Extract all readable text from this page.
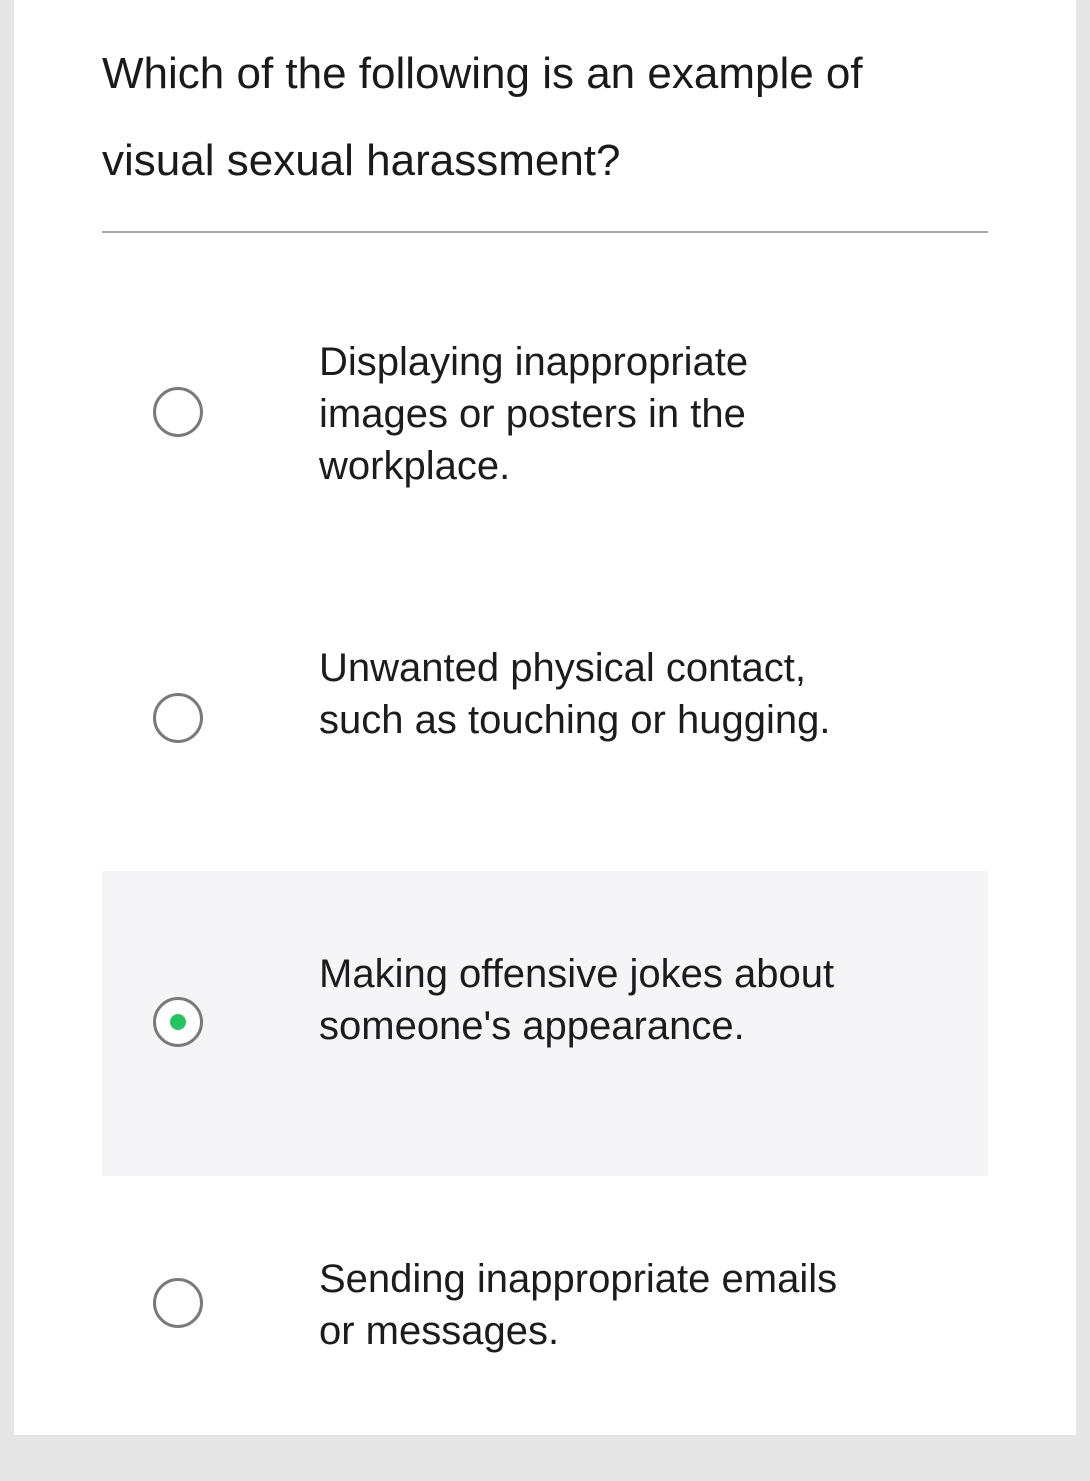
Which of the following is an example of visual sexual harassment?
Displaying inappropriate images or posters in the workplace.
Unwanted physical contact, such as touching or hugging.
Making offensive jokes about someone's appearance.
Sending inappropriate emails or messages.
